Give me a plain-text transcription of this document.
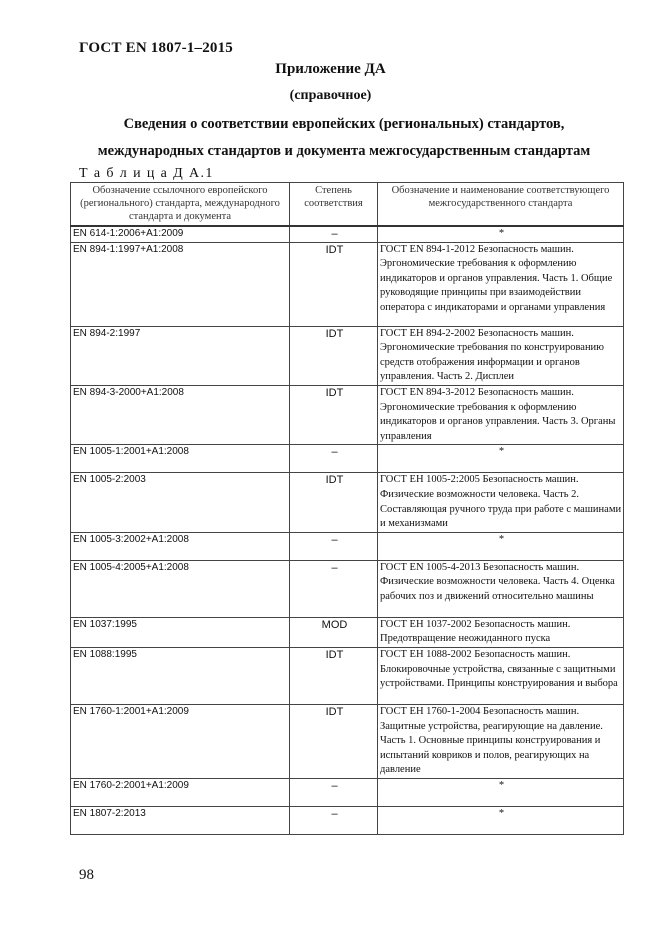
ГОСТ EN 1807-1–2015
Приложение ДА
(справочное)
Сведения о соответствии европейских (региональных) стандартов, международных стандартов и документа межгосударственным стандартам
Т а б л и ц а Д А.1
Обозначение ссылочного европейского (регионального) стандарта, международного стандарта и документа	Степень соответствия	Обозначение и наименование соответствующего межгосударственного стандарта
EN 614-1:2006+A1:2009	–	*
EN 894-1:1997+A1:2008	IDT	ГОСТ EN 894-1-2012 Безопасность машин. Эргономические требования к оформлению индикаторов и органов управления. Часть 1. Общие руководящие принципы при взаимодействии оператора с индикаторами и органами управления
EN 894-2:1997	IDT	ГОСТ EH 894-2-2002 Безопасность машин. Эргономические требования по конструированию средств отображения информации и органов управления. Часть 2. Дисплеи
EN 894-3-2000+A1:2008	IDT	ГОСТ EN 894-3-2012 Безопасность машин. Эргономические требования к оформлению индикаторов и органов управления. Часть 3. Органы управления
EN 1005-1:2001+A1:2008	–	*
EN 1005-2:2003	IDT	ГОСТ EH 1005-2:2005 Безопасность машин. Физические возможности человека. Часть 2. Составляющая ручного труда при работе с машинами и механизмами
EN 1005-3:2002+A1:2008	–	*
EN 1005-4:2005+A1:2008	–	ГОСТ EN 1005-4-2013 Безопасность машин. Физические возможности человека. Часть 4. Оценка рабочих поз и движений относительно машины
EN 1037:1995	MOD	ГОСТ EH 1037-2002 Безопасность машин. Предотвращение неожиданного пуска
EN 1088:1995	IDT	ГОСТ EH 1088-2002 Безопасность машин. Блокировочные устройства, связанные с защитными устройствами. Принципы конструирования и выбора
EN 1760-1:2001+A1:2009	IDT	ГОСТ EH 1760-1-2004 Безопасность машин. Защитные устройства, реагирующие на давление. Часть 1. Основные принципы конструирования и испытаний ковриков и полов, реагирующих на давление
EN 1760-2:2001+A1:2009	–	*
EN 1807-2:2013	–	*
98
